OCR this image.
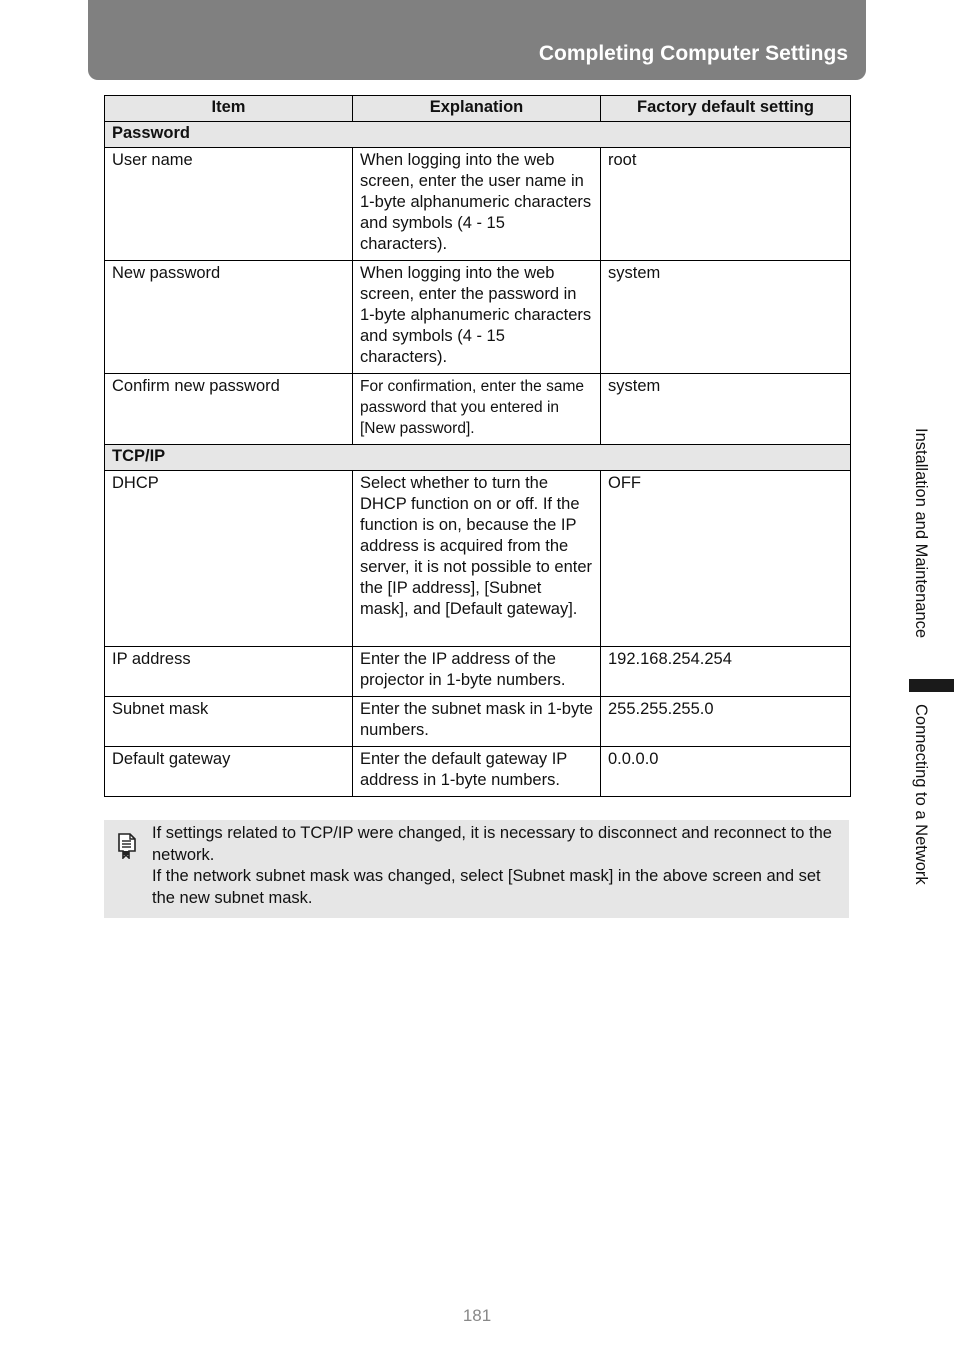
Completing Computer Settings
Item	Explanation	Factory default setting
Password		
User name	When logging into the web screen, enter the user name in 1-byte alphanumeric characters and symbols (4 - 15 characters).	root
New password	When logging into the web screen, enter the password in 1-byte alphanumeric characters and symbols (4 - 15 characters).	system
Confirm new password	For confirmation, enter the same password that you entered in [New password].	system
TCP/IP		
DHCP	Select whether to turn the DHCP function on or off. If the function is on, because the IP address is acquired from the server, it is not possible to enter the [IP address], [Subnet mask], and [Default gateway].	OFF
IP address	Enter the IP address of the projector in 1-byte numbers.	192.168.254.254
Subnet mask	Enter the subnet mask in 1-byte numbers.	255.255.255.0
Default gateway	Enter the default gateway IP address in 1-byte numbers.	0.0.0.0

If settings related to TCP/IP were changed, it is necessary to disconnect and reconnect to the network.

If the network subnet mask was changed, select [Subnet mask] in the above screen and set the new subnet mask.

Installation and Maintenance
Connecting to a Network
181
